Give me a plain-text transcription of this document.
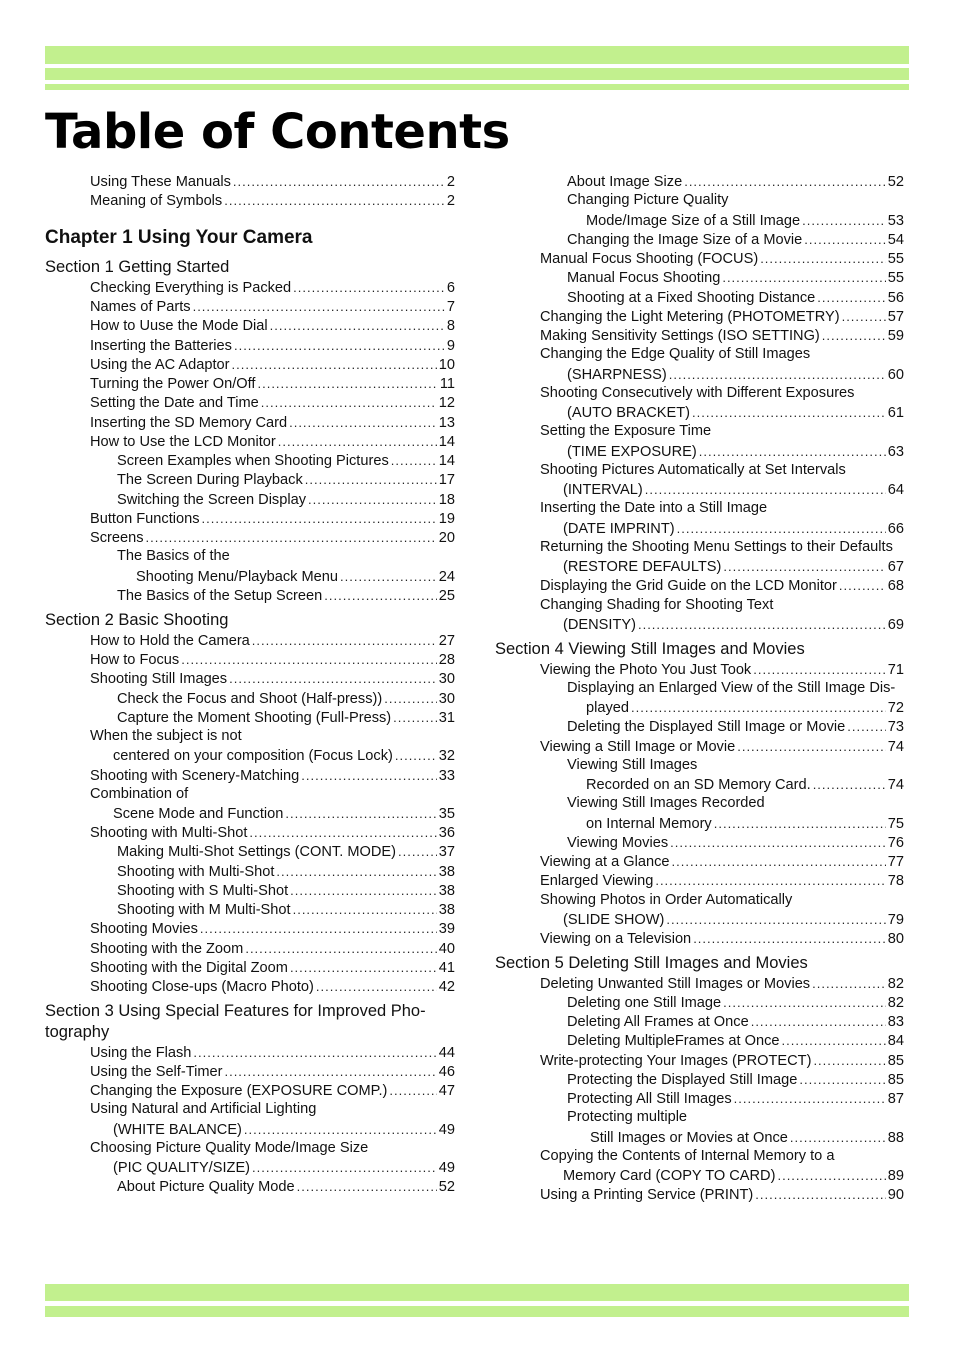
Table of Contents
Using These Manuals .....	2
Meaning of Symbols .....	2
Chapter 1 Using Your Camera
Section 1 Getting Started
Checking Everything is Packed .....	6
Names of Parts .....	7
How to Uuse the Mode Dial .....	8
Inserting the Batteries .....	9
Using the AC Adaptor .....	10
Turning the Power On/Off .....	11
Setting the Date and Time .....	12
Inserting the SD Memory Card .....	13
How to Use the LCD Monitor .....	14
Screen Examples when Shooting Pictures .....	14
The Screen During Playback .....	17
Switching the Screen Display .....	18
Button Functions .....	19
Screens .....	20
The Basics of the
Shooting Menu/Playback Menu .....	24
The Basics of the Setup Screen .....	25
Section 2 Basic Shooting
How to Hold the Camera .....	27
How to Focus .....	28
Shooting Still Images .....	30
Check the Focus and Shoot (Half-press)) .....	30
Capture the Moment Shooting (Full-Press) .....	31
When the subject is not
centered on your composition (Focus Lock) .....	32
Shooting with Scenery-Matching .....	33
Combination of
Scene Mode and Function .....	35
Shooting with Multi-Shot .....	36
Making Multi-Shot Settings (CONT. MODE) .....	37
Shooting with Multi-Shot .....	38
Shooting with S Multi-Shot .....	38
Shooting with M Multi-Shot .....	38
Shooting Movies .....	39
Shooting with the Zoom .....	40
Shooting with the Digital Zoom .....	41
Shooting Close-ups (Macro Photo) .....	42
Section 3 Using Special Features for Improved Pho-tography
Using the Flash .....	44
Using the Self-Timer .....	46
Changing the Exposure (EXPOSURE COMP.) .....	47
Using Natural and Artificial Lighting
(WHITE BALANCE) .....	49
Choosing Picture Quality Mode/Image Size
(PIC QUALITY/SIZE) .....	49
About Picture Quality Mode .....	52
About Image Size .....	52
Changing Picture Quality
Mode/Image Size of a Still Image .....	53
Changing the Image Size of a Movie .....	54
Manual Focus Shooting (FOCUS) .....	55
Manual Focus Shooting .....	55
Shooting at a Fixed Shooting Distance .....	56
Changing the Light Metering (PHOTOMETRY) .....	57
Making Sensitivity Settings (ISO SETTING) .....	59
Changing the Edge Quality of Still Images
(SHARPNESS) .....	60
Shooting Consecutively with Different Exposures
(AUTO BRACKET) .....	61
Setting the Exposure Time
(TIME EXPOSURE) .....	63
Shooting Pictures Automatically at Set Intervals
(INTERVAL) .....	64
Inserting the Date into a Still Image
(DATE IMPRINT) .....	66
Returning the Shooting Menu Settings to their Defaults
(RESTORE DEFAULTS) .....	67
Displaying the Grid Guide on the LCD Monitor .....	68
Changing Shading for Shooting Text
(DENSITY) .....	69
Section 4 Viewing Still Images and Movies
Viewing the Photo You Just Took .....	71
Displaying an Enlarged View of the Still Image Dis-
played .....	72
Deleting the Displayed Still Image or Movie .....	73
Viewing a Still Image or Movie .....	74
Viewing Still Images
Recorded on an SD Memory Card. .....	74
Viewing Still Images Recorded
on Internal Memory .....	75
Viewing Movies .....	76
Viewing at a Glance .....	77
Enlarged Viewing .....	78
Showing Photos in Order Automatically
(SLIDE SHOW) .....	79
Viewing on a Television .....	80
Section 5 Deleting Still Images and Movies
Deleting Unwanted Still Images or Movies .....	82
Deleting one Still Image .....	82
Deleting All Frames at Once .....	83
Deleting MultipleFrames at Once .....	84
Write-protecting Your Images (PROTECT) .....	85
Protecting the Displayed Still Image .....	85
Protecting All Still Images .....	87
Protecting multiple
Still Images or Movies at Once .....	88
Copying the Contents of Internal Memory to a
Memory Card (COPY TO CARD) .....	89
Using a Printing Service (PRINT) .....	90
